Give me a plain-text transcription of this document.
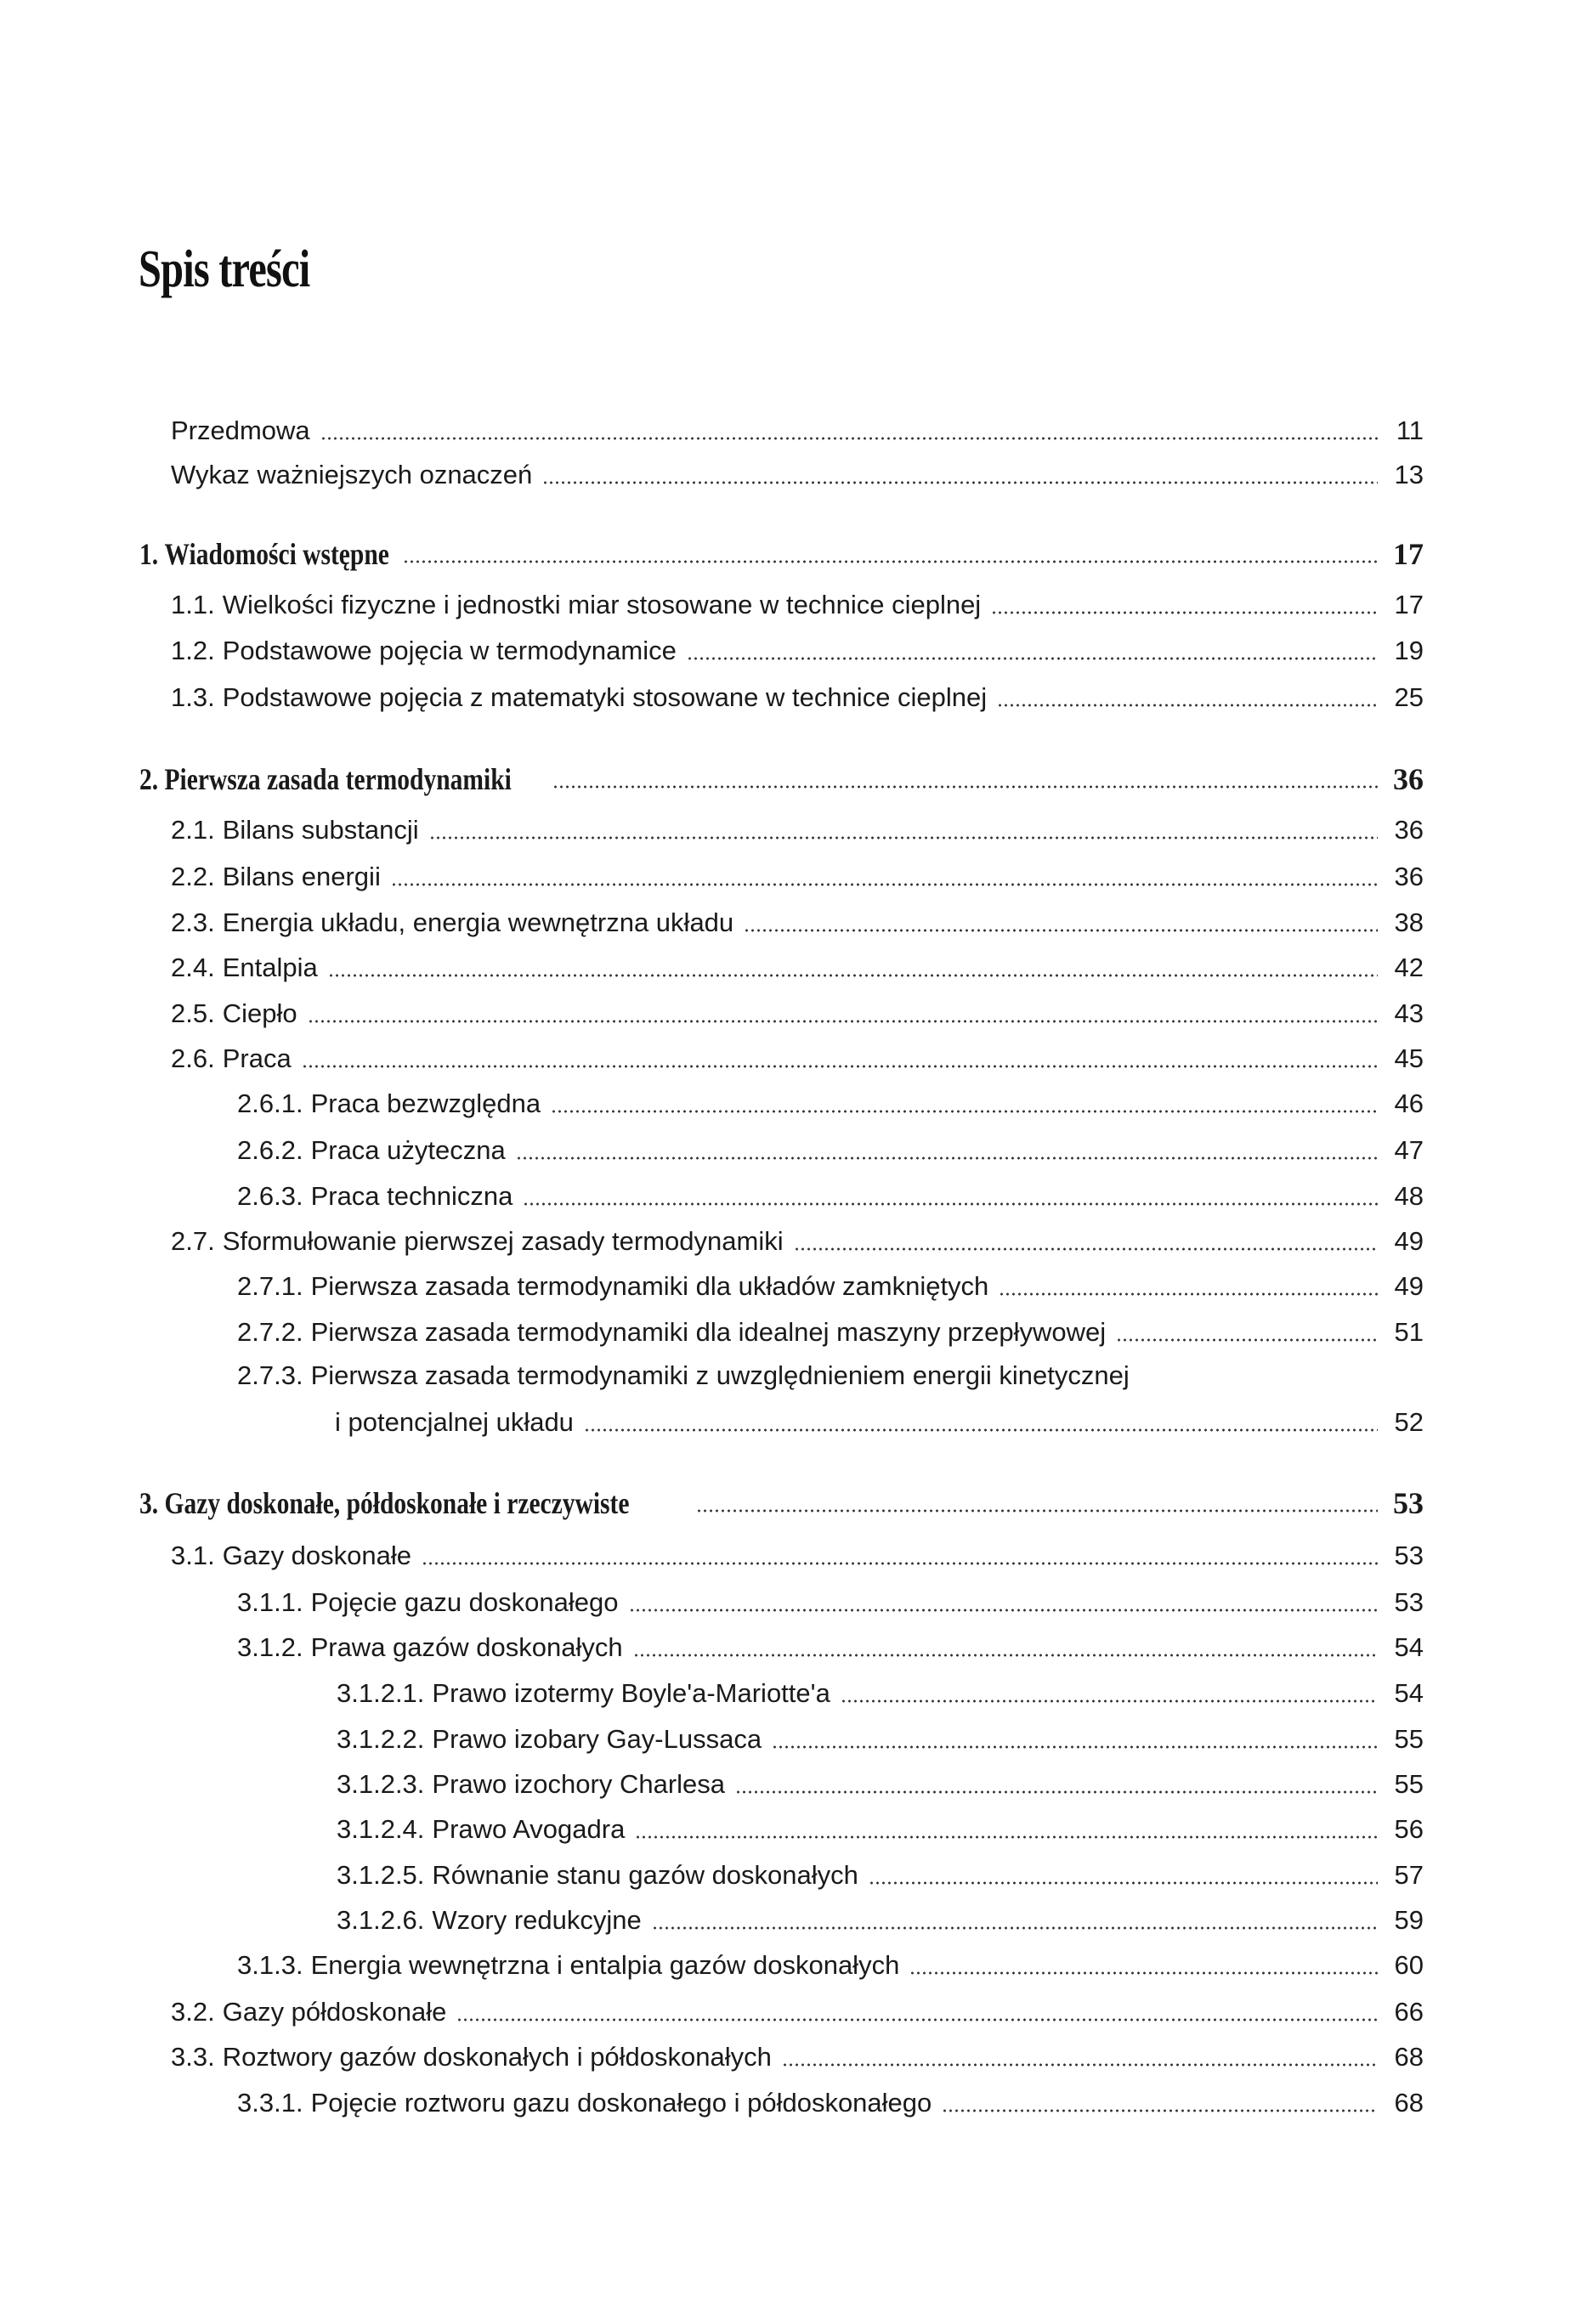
Spis treści
Przedmowa	11
Wykaz ważniejszych oznaczeń	13
1. Wiadomości wstępne	17
1.1. Wielkości fizyczne i jednostki miar stosowane w technice cieplnej	17
1.2. Podstawowe pojęcia w termodynamice	19
1.3. Podstawowe pojęcia z matematyki stosowane w technice cieplnej	25
2. Pierwsza zasada termodynamiki	36
2.1. Bilans substancji	36
2.2. Bilans energii	36
2.3. Energia układu, energia wewnętrzna układu	38
2.4. Entalpia	42
2.5. Ciepło	43
2.6. Praca	45
2.6.1. Praca bezwzględna	46
2.6.2. Praca użyteczna	47
2.6.3. Praca techniczna	48
2.7. Sformułowanie pierwszej zasady termodynamiki	49
2.7.1. Pierwsza zasada termodynamiki dla układów zamkniętych	49
2.7.2. Pierwsza zasada termodynamiki dla idealnej maszyny przepływowej	51
2.7.3. Pierwsza zasada termodynamiki z uwzględnieniem energii kinetycznej
i potencjalnej układu	52
3. Gazy doskonałe, półdoskonałe i rzeczywiste	53
3.1. Gazy doskonałe	53
3.1.1. Pojęcie gazu doskonałego	53
3.1.2. Prawa gazów doskonałych	54
3.1.2.1. Prawo izotermy Boyle'a-Mariotte'a	54
3.1.2.2. Prawo izobary Gay-Lussaca	55
3.1.2.3. Prawo izochory Charlesa	55
3.1.2.4. Prawo Avogadra	56
3.1.2.5. Równanie stanu gazów doskonałych	57
3.1.2.6. Wzory redukcyjne	59
3.1.3. Energia wewnętrzna i entalpia gazów doskonałych	60
3.2. Gazy półdoskonałe	66
3.3. Roztwory gazów doskonałych i półdoskonałych	68
3.3.1. Pojęcie roztworu gazu doskonałego i półdoskonałego	68
